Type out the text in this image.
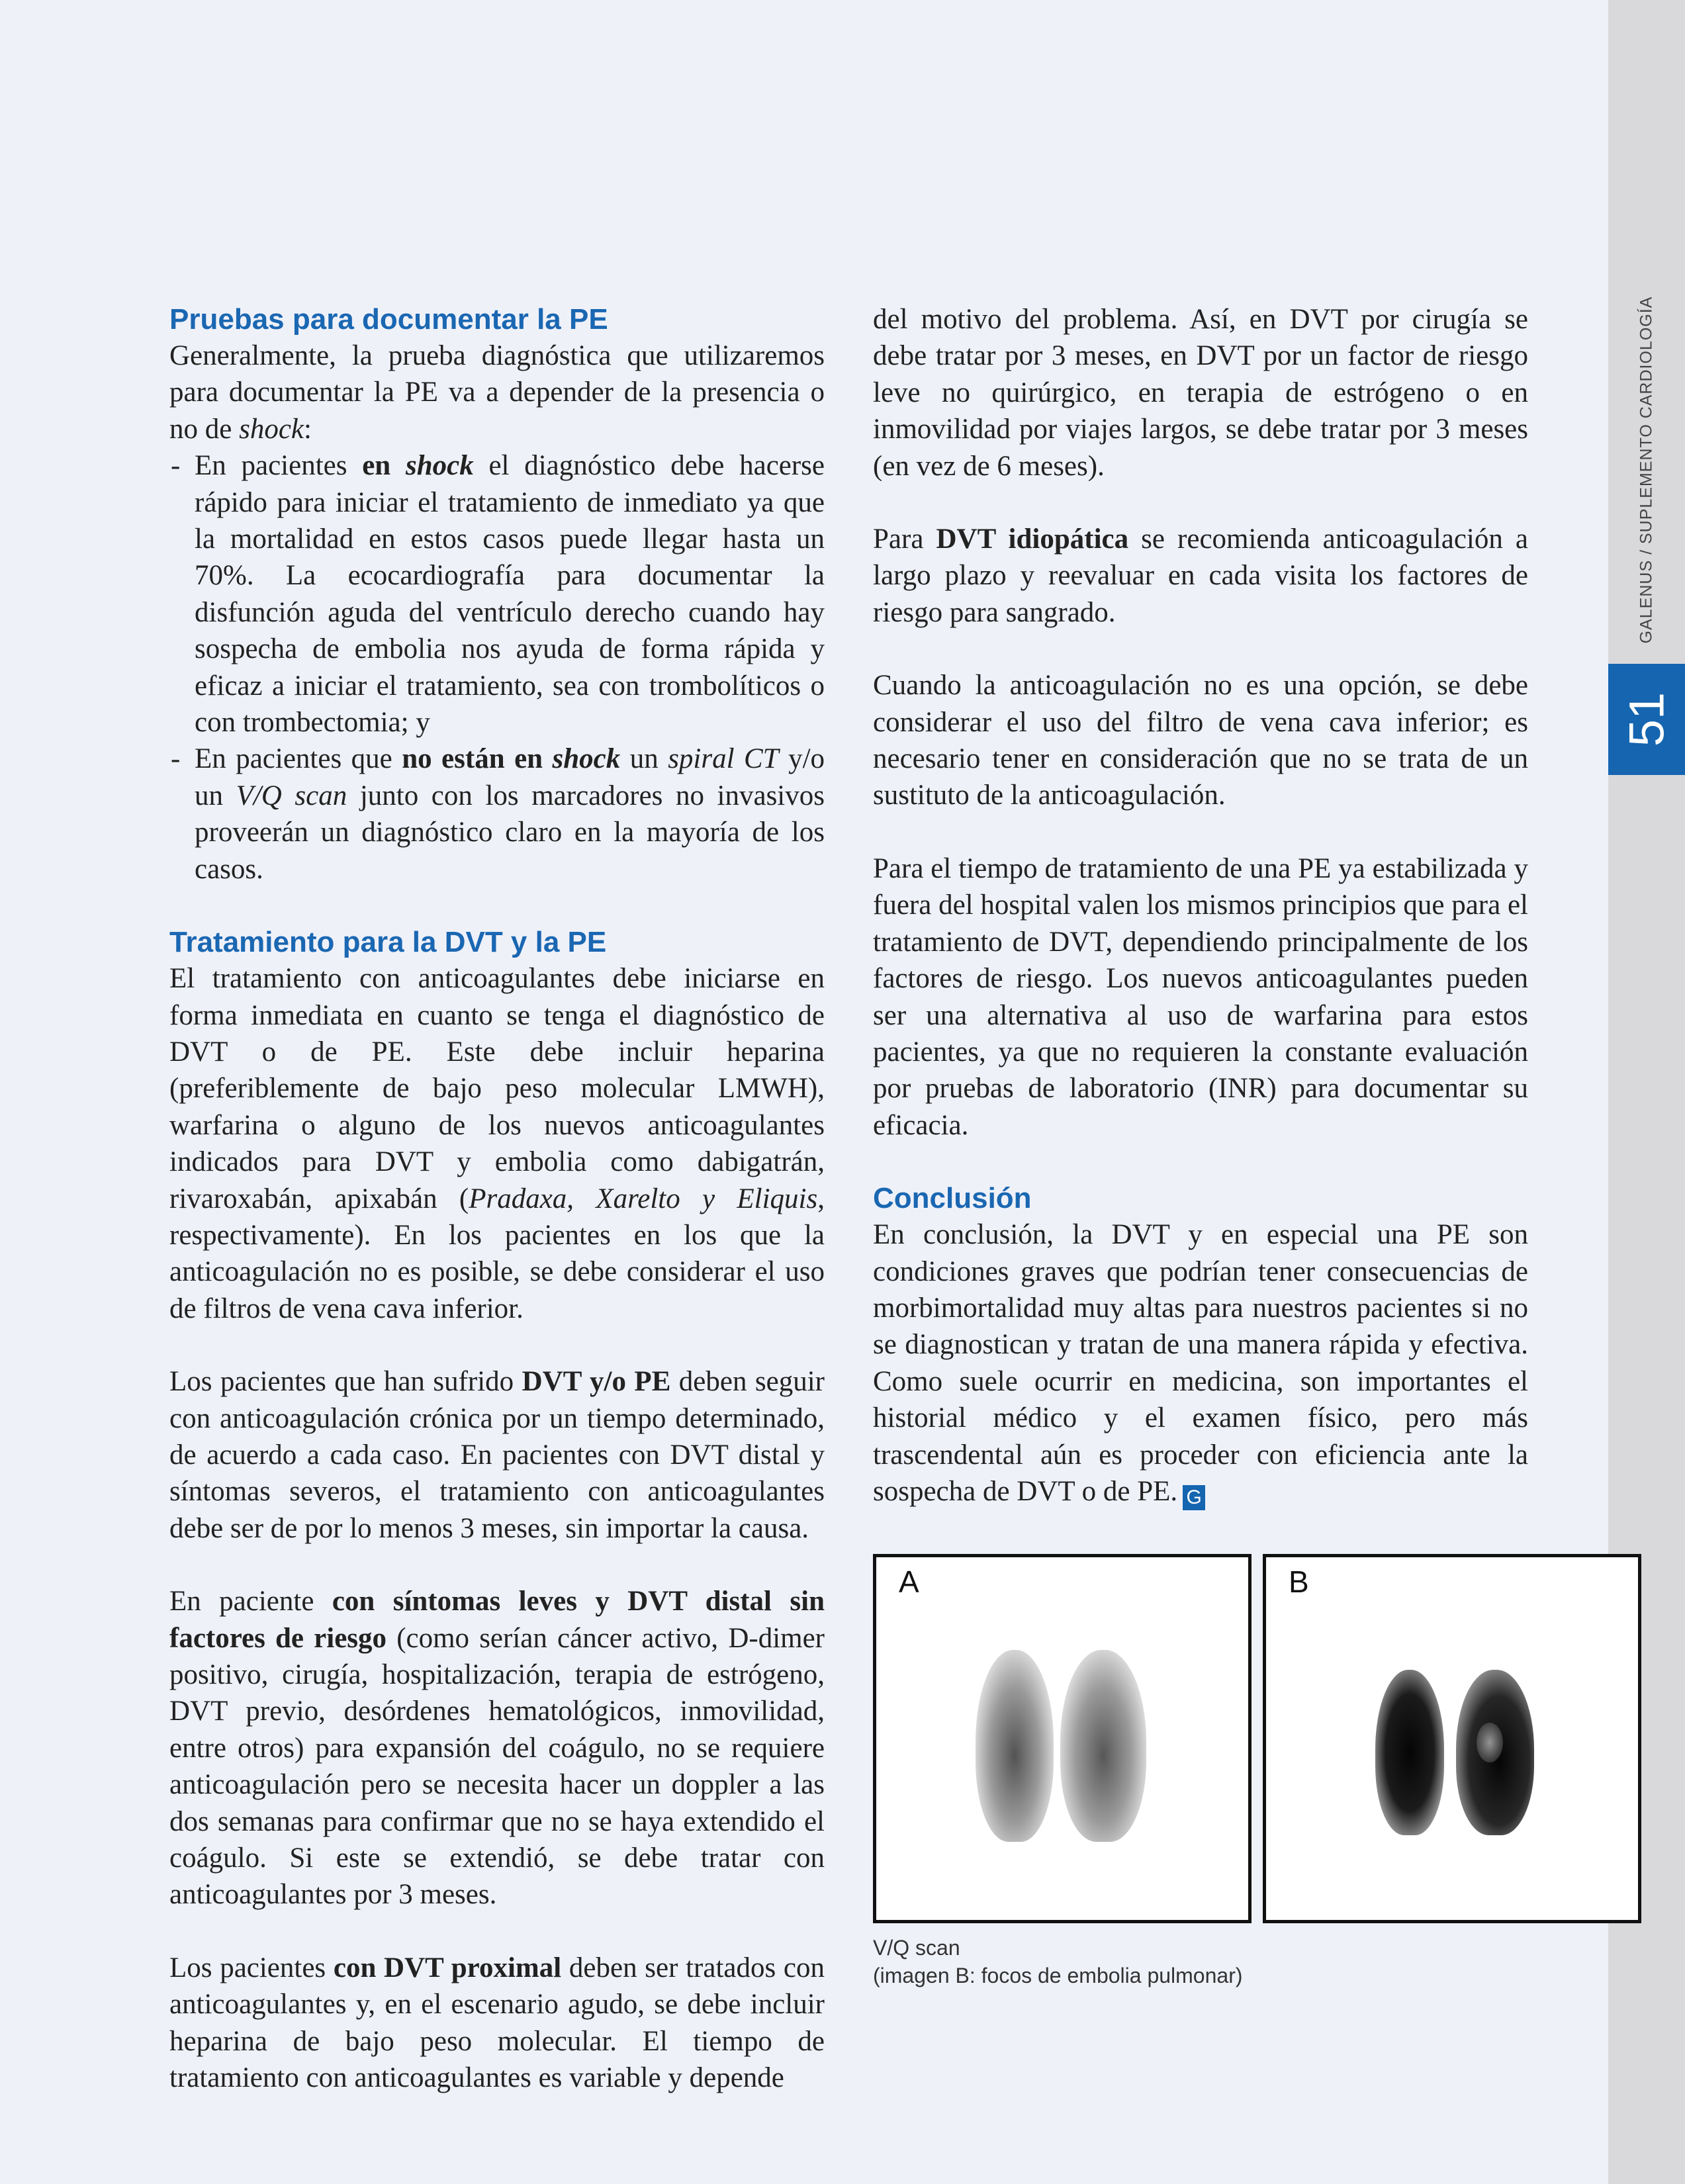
GALENUS / SUPLEMENTO CARDIOLOGÍA
51
Pruebas para documentar la PE

Generalmente, la prueba diagnóstica que utilizaremos para documentar la PE va a depender de la presencia o no de shock:

- En pacientes en shock el diagnóstico debe hacerse rápido para iniciar el tratamiento de inmediato ya que la mortalidad en estos casos puede llegar hasta un 70%. La ecocardiografía para documentar la disfunción aguda del ventrículo derecho cuando hay sospecha de embolia nos ayuda de forma rápida y eficaz a iniciar el tratamiento, sea con trombolíticos o con trombectomia; y
- En pacientes que no están en shock un spiral CT y/o un V/Q scan junto con los marcadores no invasivos proveerán un diagnóstico claro en la mayoría de los casos.
Tratamiento para la DVT y la PE

El tratamiento con anticoagulantes debe iniciarse en forma inmediata en cuanto se tenga el diagnóstico de DVT o de PE. Este debe incluir heparina (preferiblemente de bajo peso molecular LMWH), warfarina o alguno de los nuevos anticoagulantes indicados para DVT y embolia como dabigatrán, rivaroxabán, apixabán (Pradaxa, Xarelto y Eliquis, respectivamente). En los pacientes en los que la anticoagulación no es posible, se debe considerar el uso de filtros de vena cava inferior.

Los pacientes que han sufrido DVT y/o PE deben seguir con anticoagulación crónica por un tiempo determinado, de acuerdo a cada caso. En pacientes con DVT distal y síntomas severos, el tratamiento con anticoagulantes debe ser de por lo menos 3 meses, sin importar la causa.

En paciente con síntomas leves y DVT distal sin factores de riesgo (como serían cáncer activo, D-dimer positivo, cirugía, hospitalización, terapia de estrógeno, DVT previo, desórdenes hematológicos, inmovilidad, entre otros) para expansión del coágulo, no se requiere anticoagulación pero se necesita hacer un doppler a las dos semanas para confirmar que no se haya extendido el coágulo. Si este se extendió, se debe tratar con anticoagulantes por 3 meses.

Los pacientes con DVT proximal deben ser tratados con anticoagulantes y, en el escenario agudo, se debe incluir heparina de bajo peso molecular. El tiempo de tratamiento con anticoagulantes es variable y depende

del motivo del problema. Así, en DVT por cirugía se debe tratar por 3 meses, en DVT por un factor de riesgo leve no quirúrgico, en terapia de estrógeno o en inmovilidad por viajes largos, se debe tratar por 3 meses (en vez de 6 meses).

Para DVT idiopática se recomienda anticoagulación a largo plazo y reevaluar en cada visita los factores de riesgo para sangrado.

Cuando la anticoagulación no es una opción, se debe considerar el uso del filtro de vena cava inferior; es necesario tener en consideración que no se trata de un sustituto de la anticoagulación.

Para el tiempo de tratamiento de una PE ya estabilizada y fuera del hospital valen los mismos principios que para el tratamiento de DVT, dependiendo principalmente de los factores de riesgo. Los nuevos anticoagulantes pueden ser una alternativa al uso de warfarina para estos pacientes, ya que no requieren la constante evaluación por pruebas de laboratorio (INR) para documentar su eficacia.

Conclusión

En conclusión, la DVT y en especial una PE son condiciones graves que podrían tener consecuencias de morbimortalidad muy altas para nuestros pacientes si no se diagnostican y tratan de una manera rápida y efectiva. Como suele ocurrir en medicina, son importantes el historial médico y el examen físico, pero más trascendental aún es proceder con eficiencia ante la sospecha de DVT o de PE. G

A	B
V/Q scan
(imagen B: focos de embolia pulmonar)
